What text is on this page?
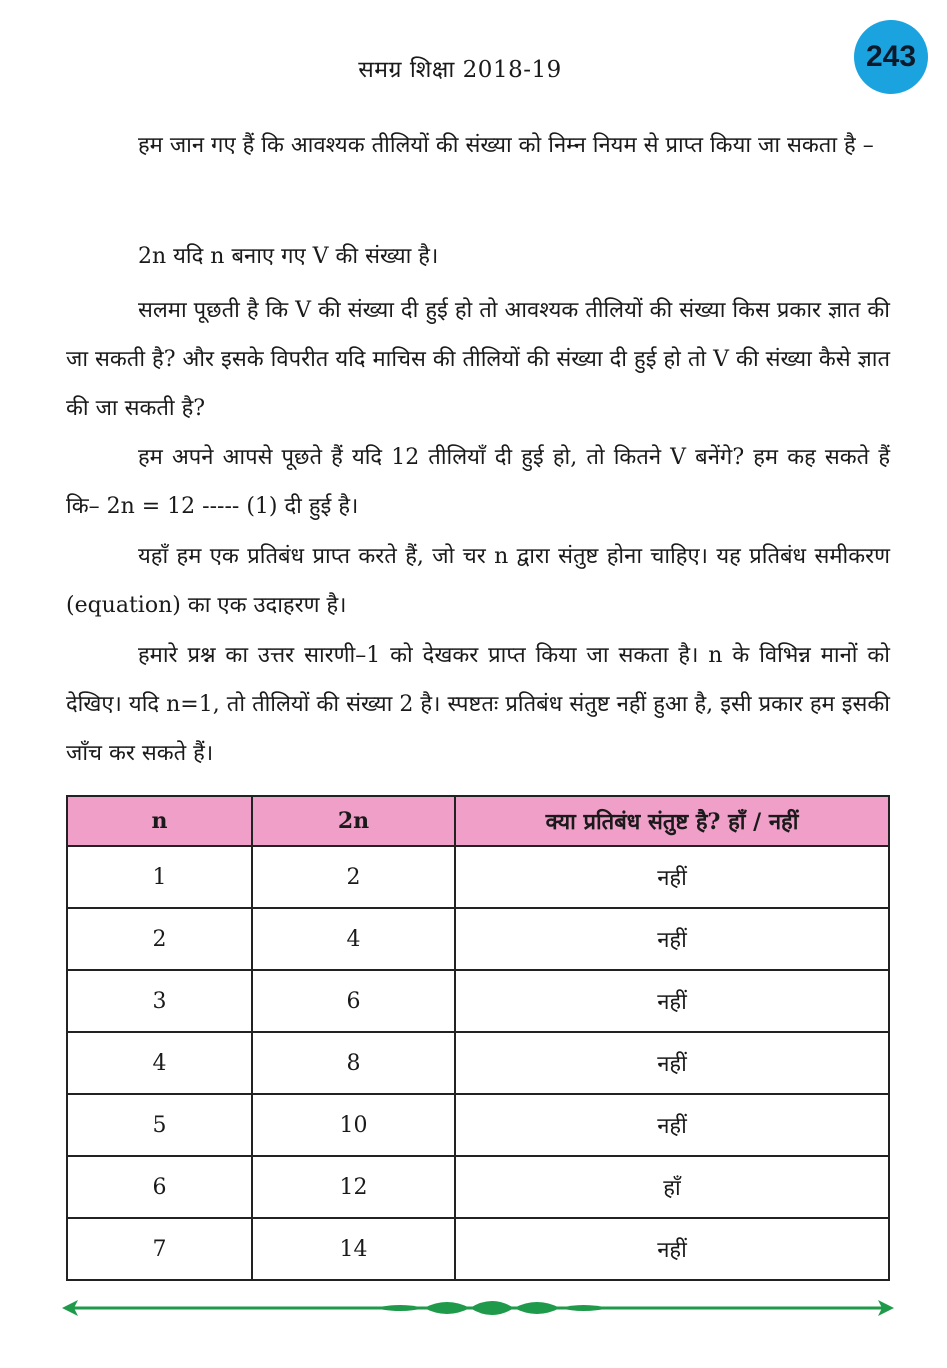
समग्र शिक्षा 2018-19	243

हम जान गए हैं कि आवश्यक तीलियों की संख्या को निम्न नियम से प्राप्त किया जा सकता है –

2n यदि n बनाए गए V की संख्या है।

सलमा पूछती है कि V की संख्या दी हुई हो तो आवश्यक तीलियों की संख्या किस प्रकार ज्ञात की जा सकती है? और इसके विपरीत यदि माचिस की तीलियों की संख्या दी हुई हो तो V की संख्या कैसे ज्ञात की जा सकती है?

हम अपने आपसे पूछते हैं यदि 12 तीलियाँ दी हुई हो, तो कितने V बनेंगे? हम कह सकते हैं कि– 2n = 12 ----- (1) दी हुई है।

यहाँ हम एक प्रतिबंध प्राप्त करते हैं, जो चर n द्वारा संतुष्ट होना चाहिए। यह प्रतिबंध समीकरण (equation) का एक उदाहरण है।

हमारे प्रश्न का उत्तर सारणी–1 को देखकर प्राप्त किया जा सकता है। n के विभिन्न मानों को देखिए। यदि n=1, तो तीलियों की संख्या 2 है। स्पष्टतः प्रतिबंध संतुष्ट नहीं हुआ है, इसी प्रकार हम इसकी जाँच कर सकते हैं।

n	2n	क्या प्रतिबंध संतुष्ट है? हाँ / नहीं
1	2	नहीं
2	4	नहीं
3	6	नहीं
4	8	नहीं
5	10	नहीं
6	12	हाँ
7	14	नहीं
